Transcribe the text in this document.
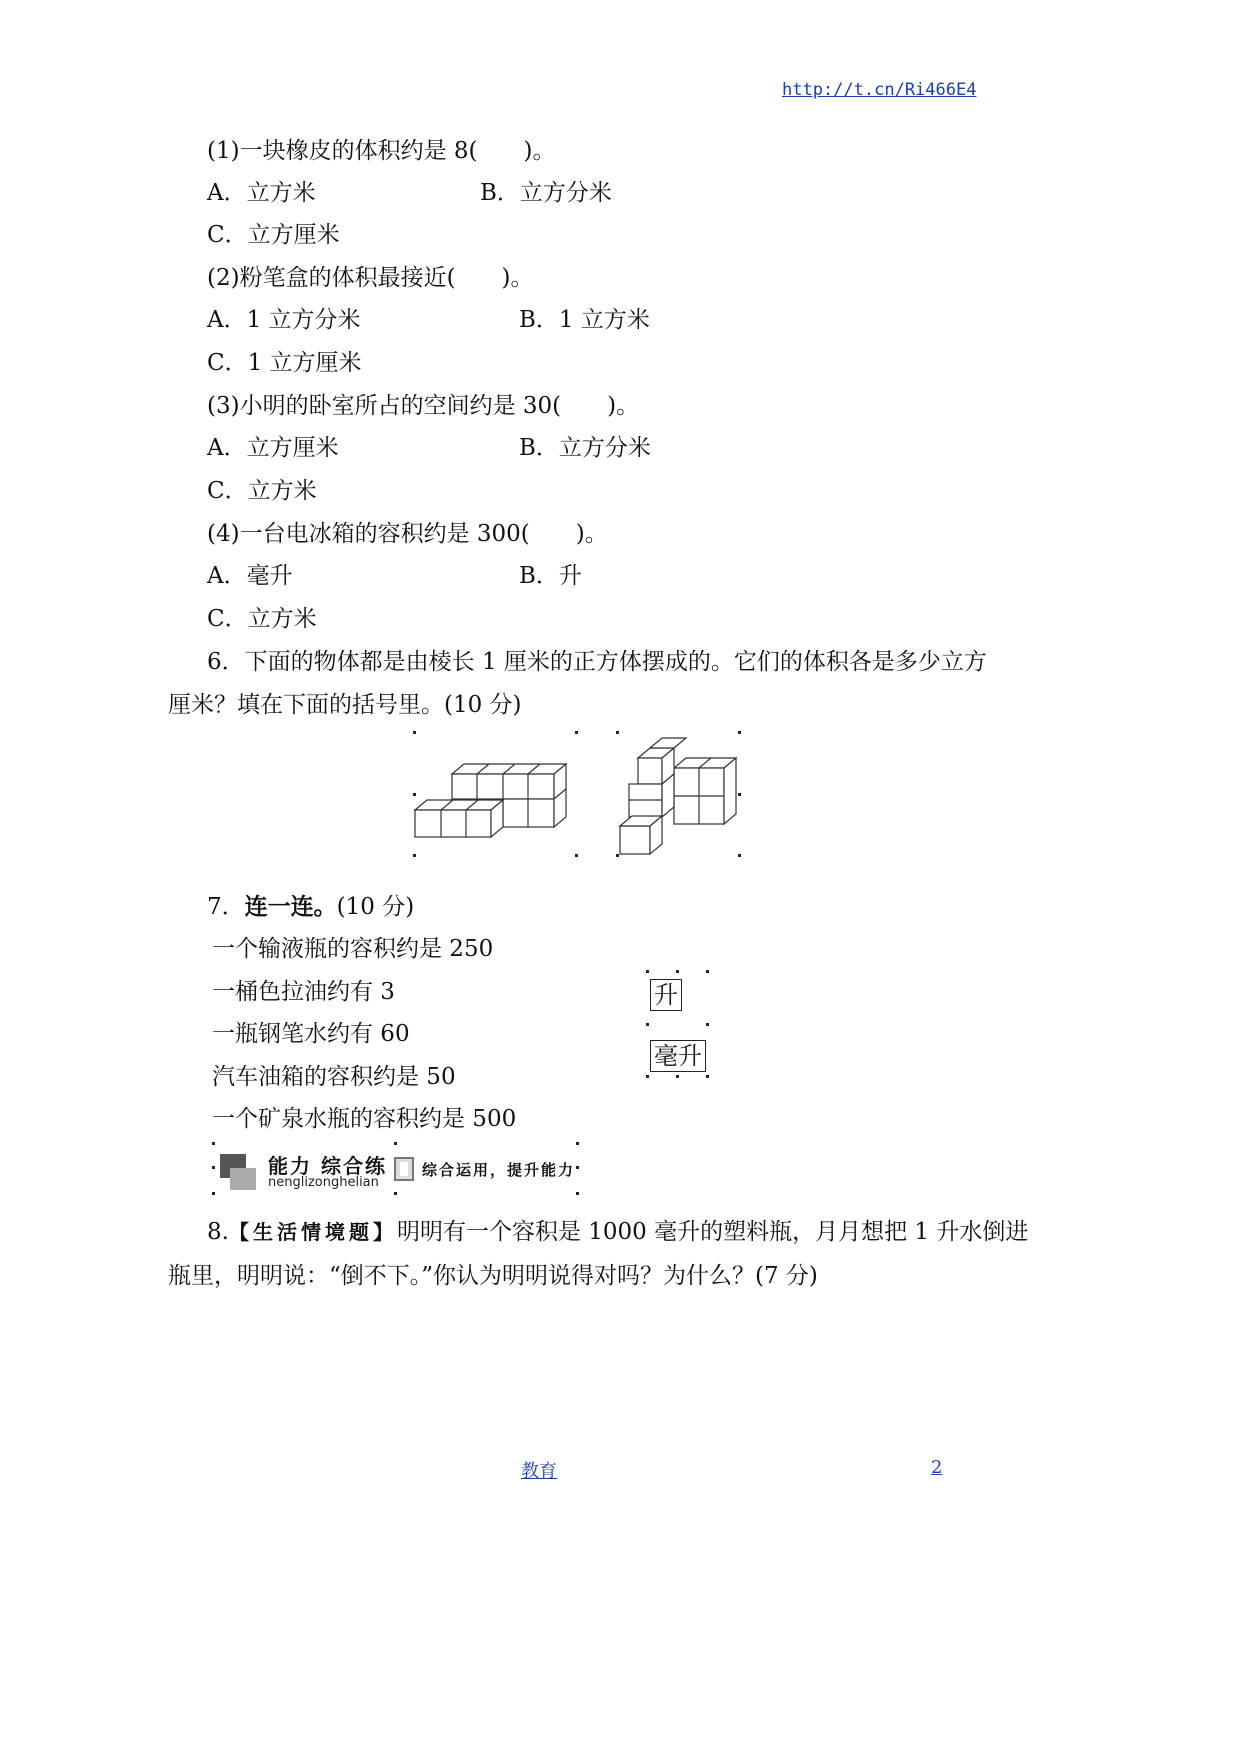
http://t.cn/Ri466E4
(1)一块橡皮的体积约是 8(　　)。
A．立方米	B．立方分米
C．立方厘米
(2)粉笔盒的体积最接近(　　)。
A．1 立方分米	B．1 立方米
C．1 立方厘米
(3)小明的卧室所占的空间约是 30(　　)。
A．立方厘米	B．立方分米
C．立方米
(4)一台电冰箱的容积约是 300(　　)。
A．毫升	B．升
C．立方米
6．下面的物体都是由棱长 1 厘米的正方体摆成的。它们的体积各是多少立方
厘米？填在下面的括号里。(10 分)
7．连一连。(10 分)
一个输液瓶的容积约是 250
一桶色拉油约有 3
一瓶钢笔水约有 60
汽车油箱的容积约是 50
一个矿泉水瓶的容积约是 500
升
毫升
能力 综合练
nenglizonghelian
综合运用，提升能力
8.【生活情境题】明明有一个容积是 1000 毫升的塑料瓶，月月想把 1 升水倒进
瓶里，明明说：“倒不下。”你认为明明说得对吗？为什么？(7 分)
教育	2
